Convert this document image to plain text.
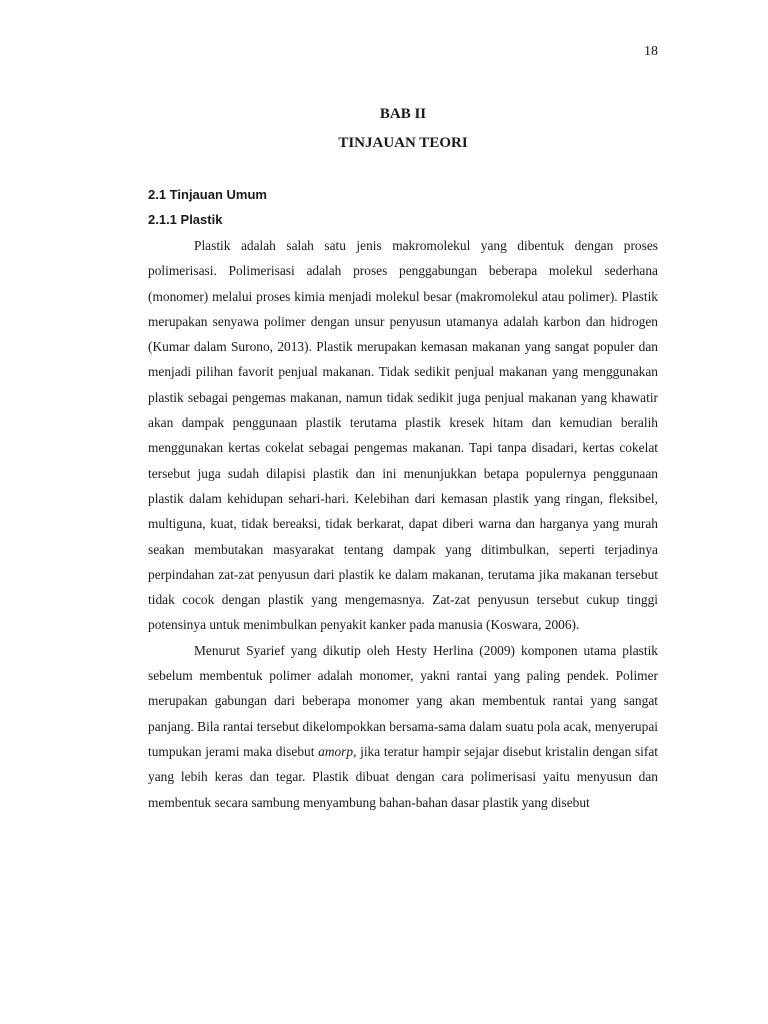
18
BAB II
TINJAUAN TEORI
2.1 Tinjauan Umum
2.1.1 Plastik

Plastik adalah salah satu jenis makromolekul yang dibentuk dengan proses polimerisasi. Polimerisasi adalah proses penggabungan beberapa molekul sederhana (monomer) melalui proses kimia menjadi molekul besar (makromolekul atau polimer). Plastik merupakan senyawa polimer dengan unsur penyusun utamanya adalah karbon dan hidrogen (Kumar dalam Surono, 2013). Plastik merupakan kemasan makanan yang sangat populer dan menjadi pilihan favorit penjual makanan. Tidak sedikit penjual makanan yang menggunakan plastik sebagai pengemas makanan, namun tidak sedikit juga penjual makanan yang khawatir akan dampak penggunaan plastik terutama plastik kresek hitam dan kemudian beralih menggunakan kertas cokelat sebagai pengemas makanan. Tapi tanpa disadari, kertas cokelat tersebut juga sudah dilapisi plastik dan ini menunjukkan betapa populernya penggunaan plastik dalam kehidupan sehari-hari. Kelebihan dari kemasan plastik yang ringan, fleksibel, multiguna, kuat, tidak bereaksi, tidak berkarat, dapat diberi warna dan harganya yang murah seakan membutakan masyarakat tentang dampak yang ditimbulkan, seperti terjadinya perpindahan zat-zat penyusun dari plastik ke dalam makanan, terutama jika makanan tersebut tidak cocok dengan plastik yang mengemasnya. Zat-zat penyusun tersebut cukup tinggi potensinya untuk menimbulkan penyakit kanker pada manusia (Koswara, 2006).

Menurut Syarief yang dikutip oleh Hesty Herlina (2009) komponen utama plastik sebelum membentuk polimer adalah monomer, yakni rantai yang paling pendek. Polimer merupakan gabungan dari beberapa monomer yang akan membentuk rantai yang sangat panjang. Bila rantai tersebut dikelompokkan bersama-sama dalam suatu pola acak, menyerupai tumpukan jerami maka disebut amorp, jika teratur hampir sejajar disebut kristalin dengan sifat yang lebih keras dan tegar. Plastik dibuat dengan cara polimerisasi yaitu menyusun dan membentuk secara sambung menyambung bahan-bahan dasar plastik yang disebut
